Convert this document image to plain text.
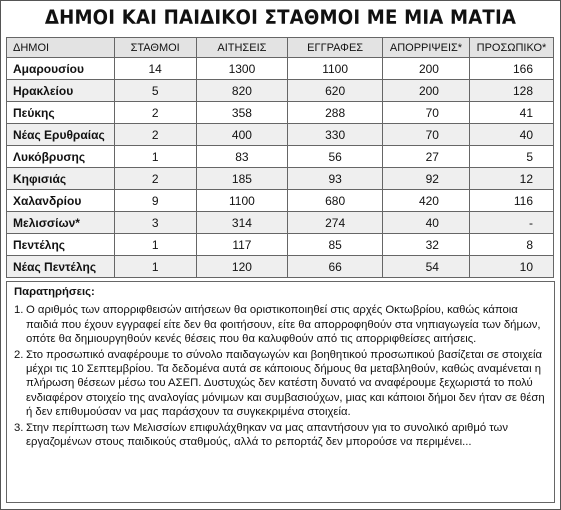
ΔΗΜΟΙ ΚΑΙ ΠΑΙΔΙΚΟΙ ΣΤΑΘΜΟΙ ΜΕ ΜΙΑ ΜΑΤΙΑ
ΔΗΜΟΙ	ΣΤΑΘΜΟΙ	ΑΙΤΗΣΕΙΣ	ΕΓΓΡΑΦΕΣ	ΑΠΟΡΡΙΨΕΙΣ*	ΠΡΟΣΩΠΙΚΟ*
Αμαρουσίου	14	1300	1100	200	166
Ηρακλείου	5	820	620	200	128
Πεύκης	2	358	288	70	41
Νέας Ερυθραίας	2	400	330	70	40
Λυκόβρυσης	1	83	56	27	5
Κηφισιάς	2	185	93	92	12
Χαλανδρίου	9	1100	680	420	116
Μελισσίων*	3	314	274	40	-
Πεντέλης	1	117	85	32	8
Νέας Πεντέλης	1	120	66	54	10
Παρατηρήσεις:
1. Ο αριθμός των απορριφθεισών αιτήσεων θα οριστικοποιηθεί στις αρχές Οκτωβρίου, καθώς κάποια παιδιά που έχουν εγγραφεί είτε δεν θα φοιτήσουν, είτε θα απορροφηθούν στα νηπιαγωγεία των δήμων, οπότε θα δημιουργηθούν κενές θέσεις που θα καλυφθούν από τις απορριφθείσες αιτήσεις.
2. Στο προσωπικό αναφέρουμε το σύνολο παιδαγωγών και βοηθητικού προσωπικού βασίζεται σε στοιχεία μέχρι τις 10 Σεπτεμβρίου. Τα δεδομένα αυτά σε κάποιους δήμους θα μεταβληθούν, καθώς αναμένεται η πλήρωση θέσεων μέσω του ΑΣΕΠ. Δυστυχώς δεν κατέστη δυνατό να αναφέρουμε ξεχωριστά το πολύ ενδιαφέρον στοιχείο της αναλογίας μόνιμων και συμβασιούχων, μιας και κάποιοι δήμοι δεν ήταν σε θέση ή δεν επιθυμούσαν να μας παράσχουν τα συγκεκριμένα στοιχεία.
3. Στην περίπτωση των Μελισσίων επιφυλάχθηκαν να μας απαντήσουν για το συνολικό αριθμό των εργαζομένων στους παιδικούς σταθμούς, αλλά το ρεπορτάζ δεν μπορούσε να περιμένει...
